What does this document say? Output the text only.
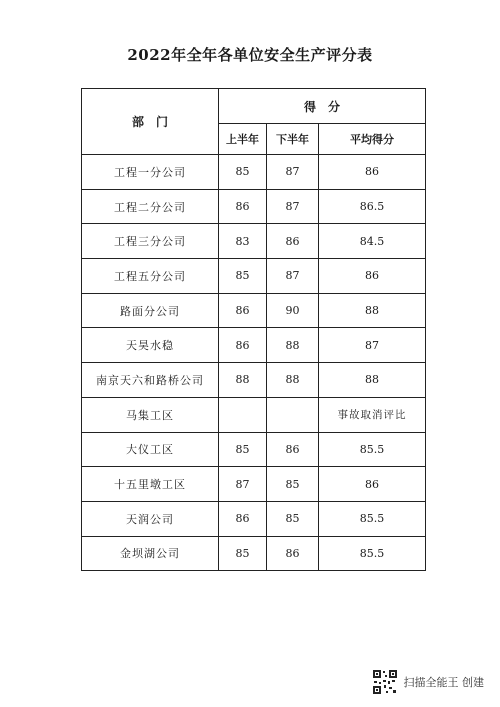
2022年全年各单位安全生产评分表
部　门	得　分		
	上半年	下半年	平均得分
工程一分公司	85	87	86
工程二分公司	86	87	86.5
工程三分公司	83	86	84.5
工程五分公司	85	87	86
路面分公司	86	90	88
天昊水稳	86	88	87
南京天六和路桥公司	88	88	88
马集工区			事故取消评比
大仪工区	85	86	85.5
十五里墩工区	87	85	86
天润公司	86	85	85.5
金坝湖公司	85	86	85.5
扫描全能王 创建
